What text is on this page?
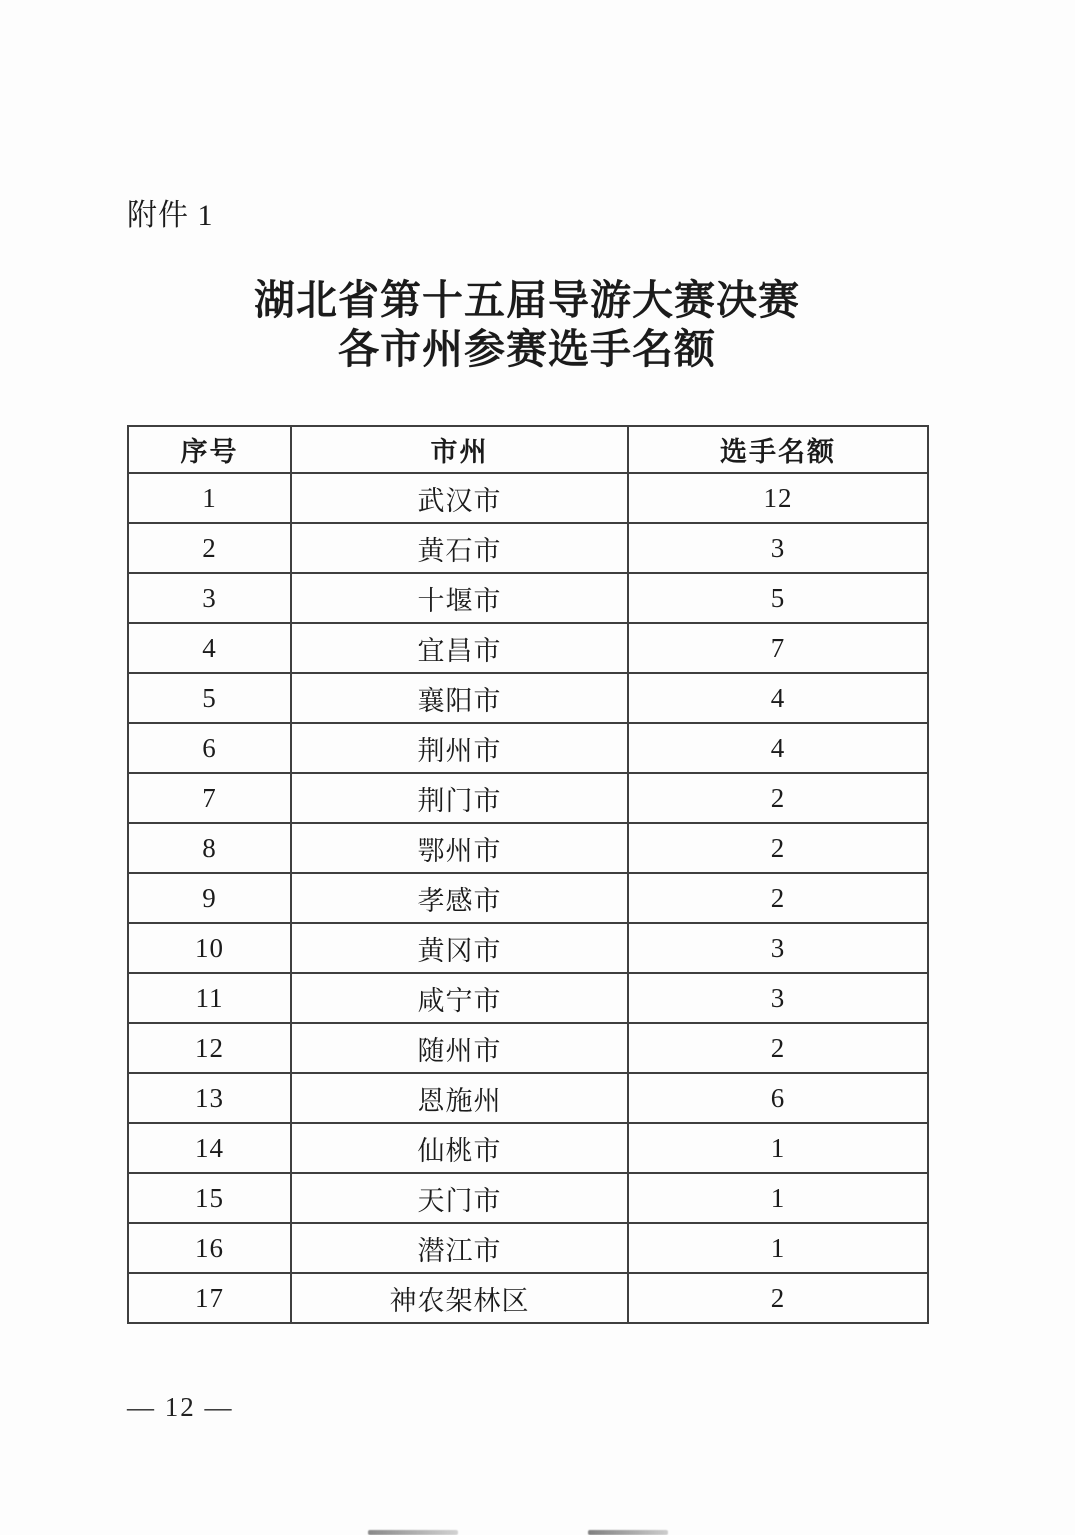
附件 1
湖北省第十五届导游大赛决赛
各市州参赛选手名额
序号	市州	选手名额
1	武汉市	12
2	黄石市	3
3	十堰市	5
4	宜昌市	7
5	襄阳市	4
6	荆州市	4
7	荆门市	2
8	鄂州市	2
9	孝感市	2
10	黄冈市	3
11	咸宁市	3
12	随州市	2
13	恩施州	6
14	仙桃市	1
15	天门市	1
16	潜江市	1
17	神农架林区	2
— 12 —
